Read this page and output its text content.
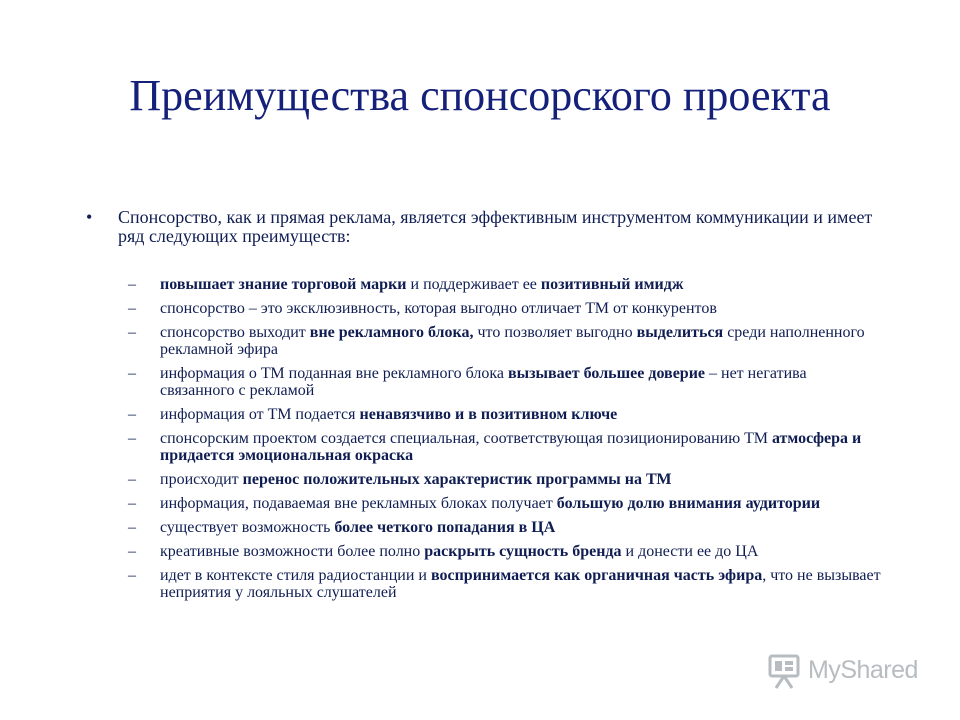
Преимущества спонсорского проекта
• Спонсорство, как и прямая реклама, является эффективным инструментом коммуникации и имеет ряд следующих преимуществ:
– повышает знание торговой марки и поддерживает ее позитивный имидж
– спонсорство – это эксклюзивность, которая выгодно отличает ТМ от конкурентов
– спонсорство выходит вне рекламного блока, что позволяет выгодно выделиться среди наполненного рекламной эфира
– информация о ТМ поданная вне рекламного блока вызывает большее доверие – нет негатива связанного с рекламой
– информация от ТМ подается ненавязчиво и в позитивном ключе
– спонсорским проектом создается специальная, соответствующая позиционированию ТМ атмосфера и придается эмоциональная окраска
– происходит перенос положительных характеристик программы на ТМ
– информация, подаваемая вне рекламных блоках получает большую долю внимания аудитории
– существует возможность более четкого попадания в ЦА
– креативные возможности более полно раскрыть сущность бренда и донести ее до ЦА
– идет в контексте стиля радиостанции и воспринимается как органичная часть эфира, что не вызывает неприятия у лояльных слушателей
MyShared
